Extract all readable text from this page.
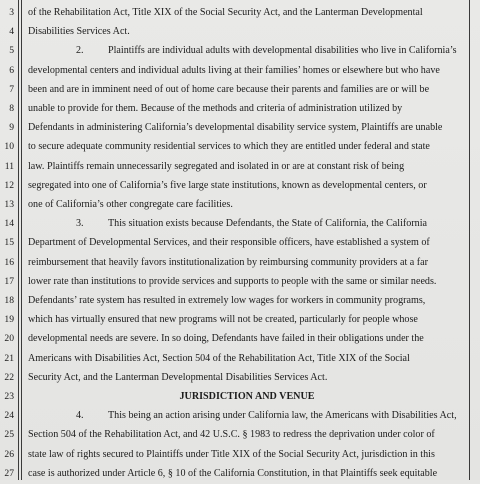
3 of the Rehabilitation Act, Title XIX of the Social Security Act, and the Lanterman Developmental
4 Disabilities Services Act.
5	2. Plaintiffs are individual adults with developmental disabilities who live in California’s
6 developmental centers and individual adults living at their families’ homes or elsewhere but who have
7 been and are in imminent need of out of home care because their parents and families are or will be
8 unable to provide for them. Because of the methods and criteria of administration utilized by
9 Defendants in administering California’s developmental disability service system, Plaintiffs are unable
10 to secure adequate community residential services to which they are entitled under federal and state
11 law. Plaintiffs remain unnecessarily segregated and isolated in or are at constant risk of being
12 segregated into one of California’s five large state institutions, known as developmental centers, or
13 one of California’s other congregate care facilities.
14	3. This situation exists because Defendants, the State of California, the California
15 Department of Developmental Services, and their responsible officers, have established a system of
16 reimbursement that heavily favors institutionalization by reimbursing community providers at a far
17 lower rate than institutions to provide services and supports to people with the same or similar needs.
18 Defendants’ rate system has resulted in extremely low wages for workers in community programs,
19 which has virtually ensured that new programs will not be created, particularly for people whose
20 developmental needs are severe. In so doing, Defendants have failed in their obligations under the
21 Americans with Disabilities Act, Section 504 of the Rehabilitation Act, Title XIX of the Social
22 Security Act, and the Lanterman Developmental Disabilities Services Act.
23	JURISDICTION AND VENUE
24	4. This being an action arising under California law, the Americans with Disabilities Act,
25 Section 504 of the Rehabilitation Act, and 42 U.S.C. § 1983 to redress the deprivation under color of
26 state law of rights secured to Plaintiffs under Title XIX of the Social Security Act, jurisdiction in this
27 case is authorized under Article 6, § 10 of the California Constitution, in that Plaintiffs seek equitable
